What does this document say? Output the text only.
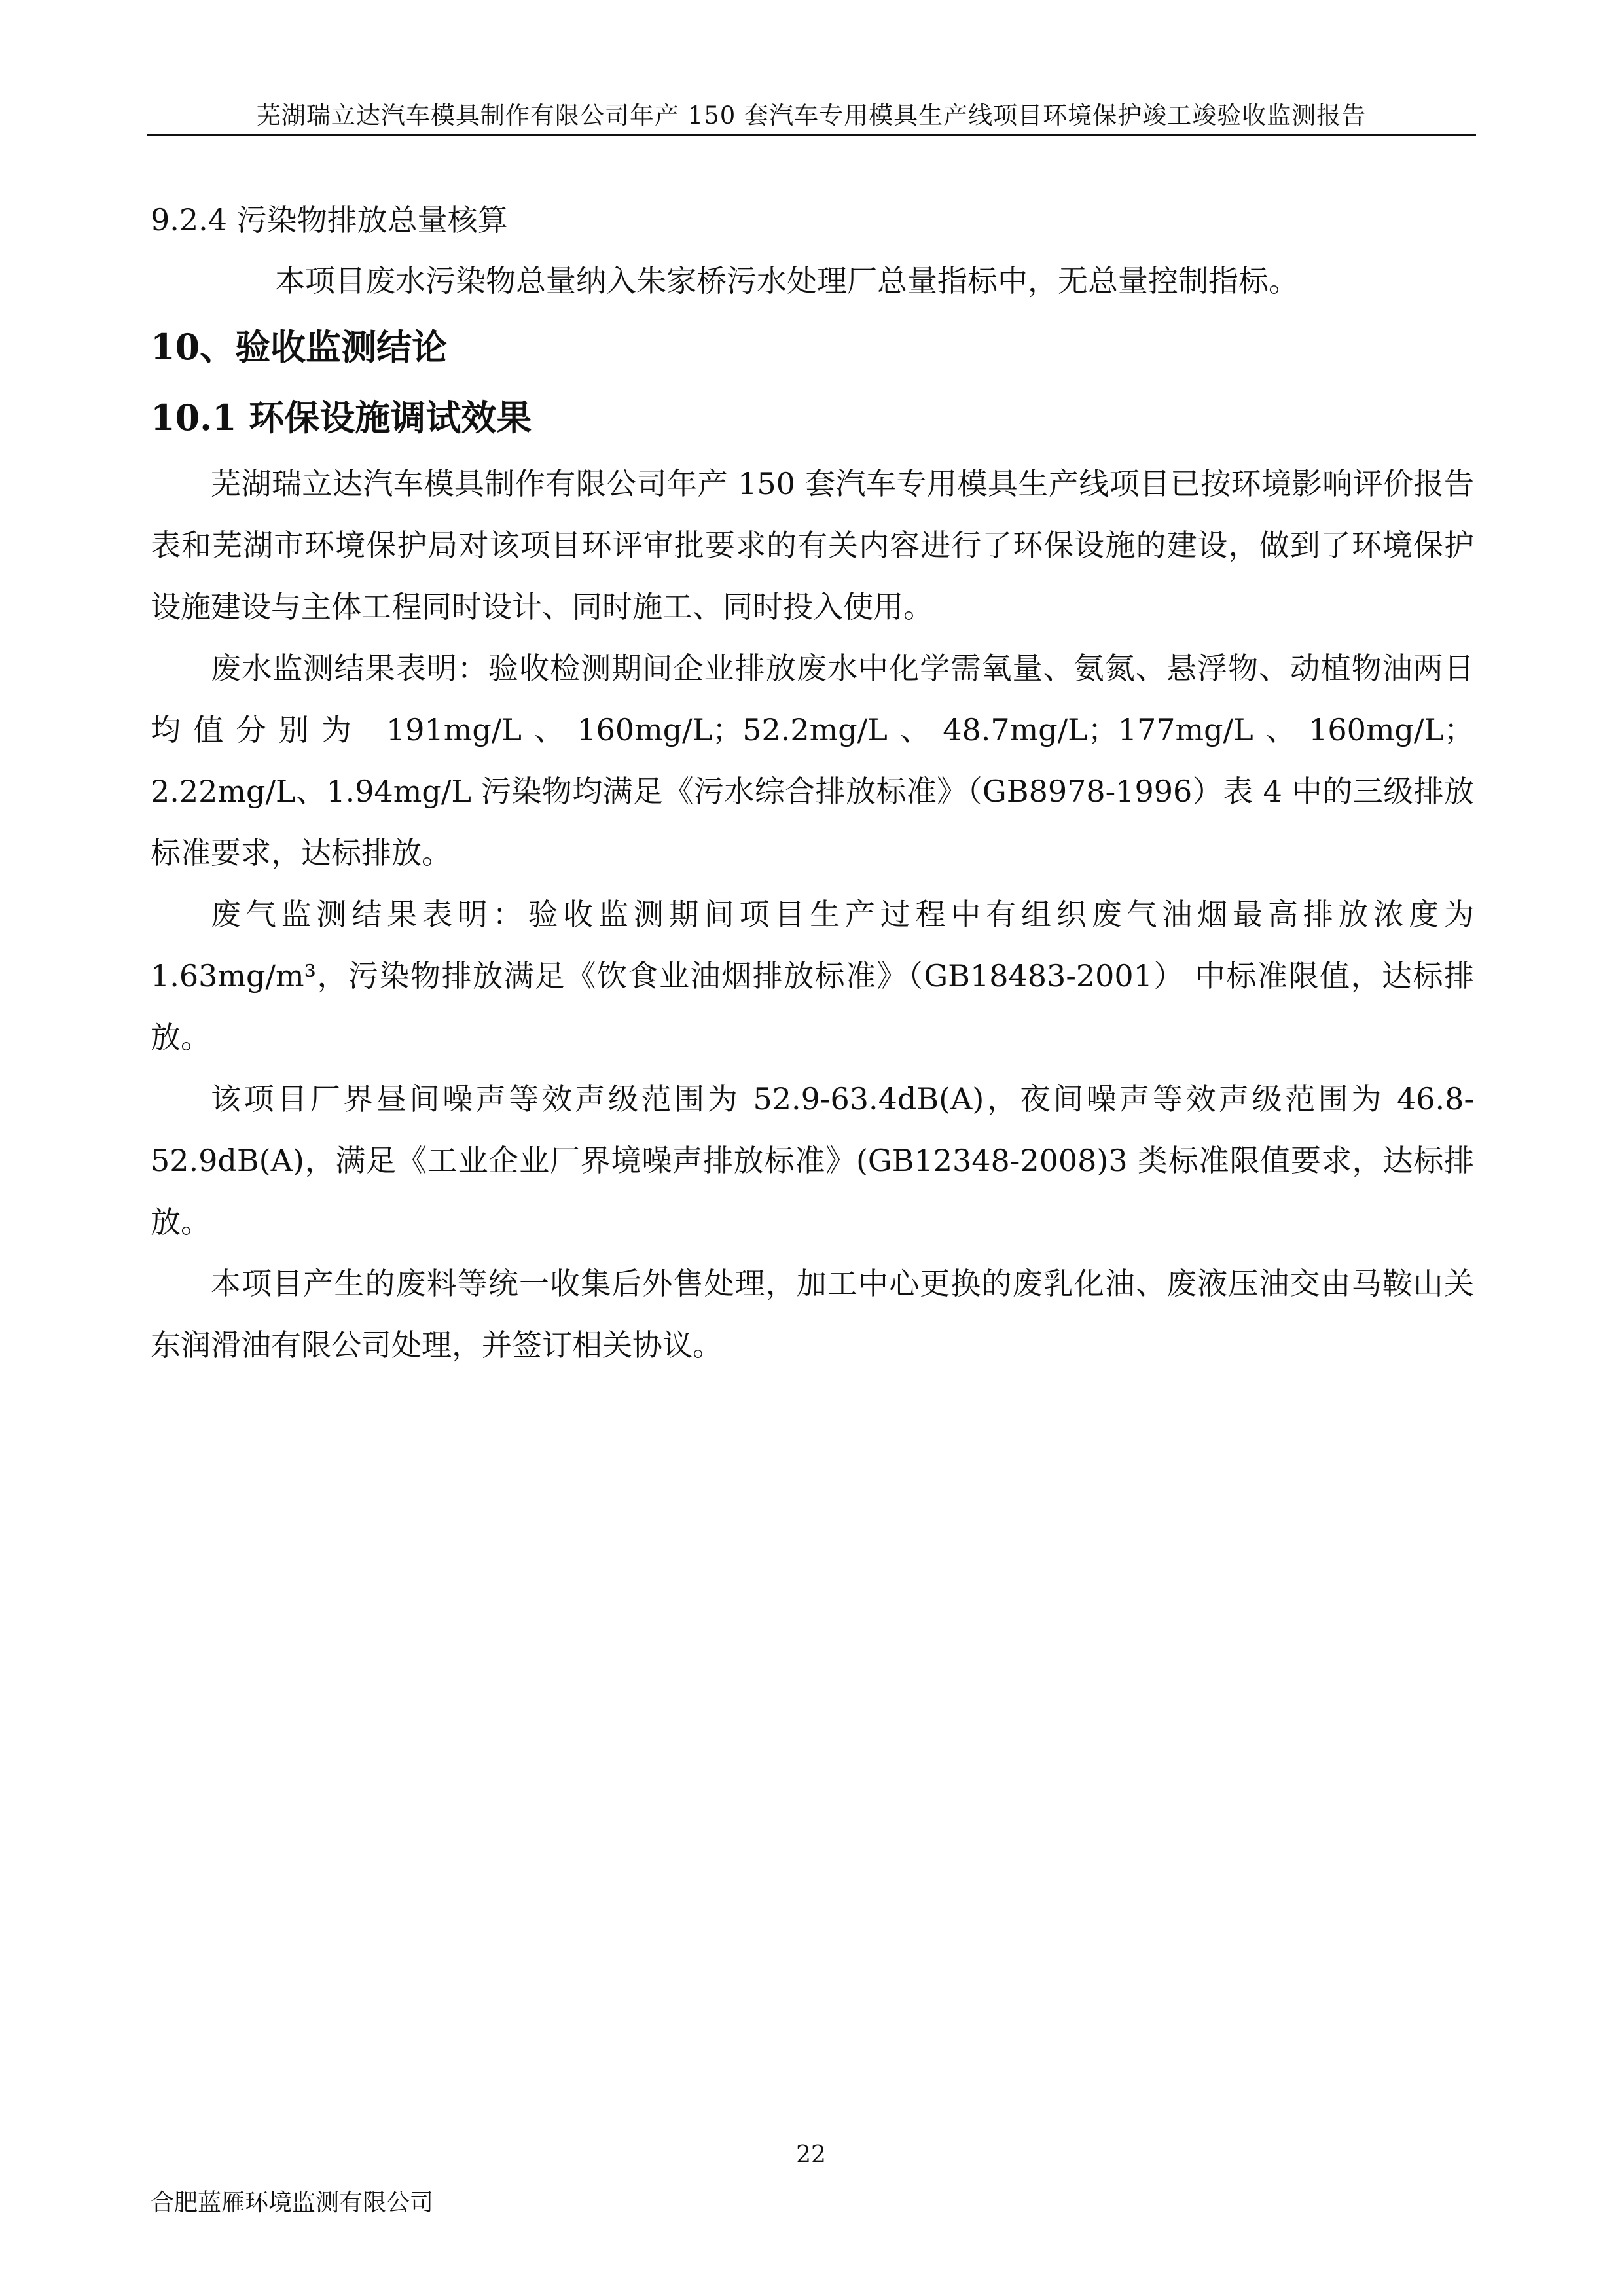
芜湖瑞立达汽车模具制作有限公司年产 150 套汽车专用模具生产线项目环境保护竣工竣验收监测报告

9.2.4 污染物排放总量核算

本项目废水污染物总量纳入朱家桥污水处理厂总量指标中，无总量控制指标。

10、验收监测结论

10.1 环保设施调试效果

芜湖瑞立达汽车模具制作有限公司年产 150 套汽车专用模具生产线项目已按环境影响评价报告表和芜湖市环境保护局对该项目环评审批要求的有关内容进行了环保设施的建设，做到了环境保护设施建设与主体工程同时设计、同时施工、同时投入使用。

废水监测结果表明：验收检测期间企业排放废水中化学需氧量、氨氮、悬浮物、动植物油两日均值分别为 191mg/L、160mg/L；52.2mg/L、48.7mg/L；177mg/L、160mg/L；2.22mg/L、1.94mg/L 污染物均满足《污水综合排放标准》（GB8978-1996）表 4 中的三级排放标准要求，达标排放。

废气监测结果表明：验收监测期间项目生产过程中有组织废气油烟最高排放浓度为 1.63mg/m³，污染物排放满足《饮食业油烟排放标准》（GB18483-2001） 中标准限值，达标排放。

该项目厂界昼间噪声等效声级范围为 52.9-63.4dB(A)，夜间噪声等效声级范围为 46.8-52.9dB(A)，满足《工业企业厂界境噪声排放标准》(GB12348-2008)3 类标准限值要求，达标排放。

本项目产生的废料等统一收集后外售处理，加工中心更换的废乳化油、废液压油交由马鞍山关东润滑油有限公司处理，并签订相关协议。

22
合肥蓝雁环境监测有限公司
